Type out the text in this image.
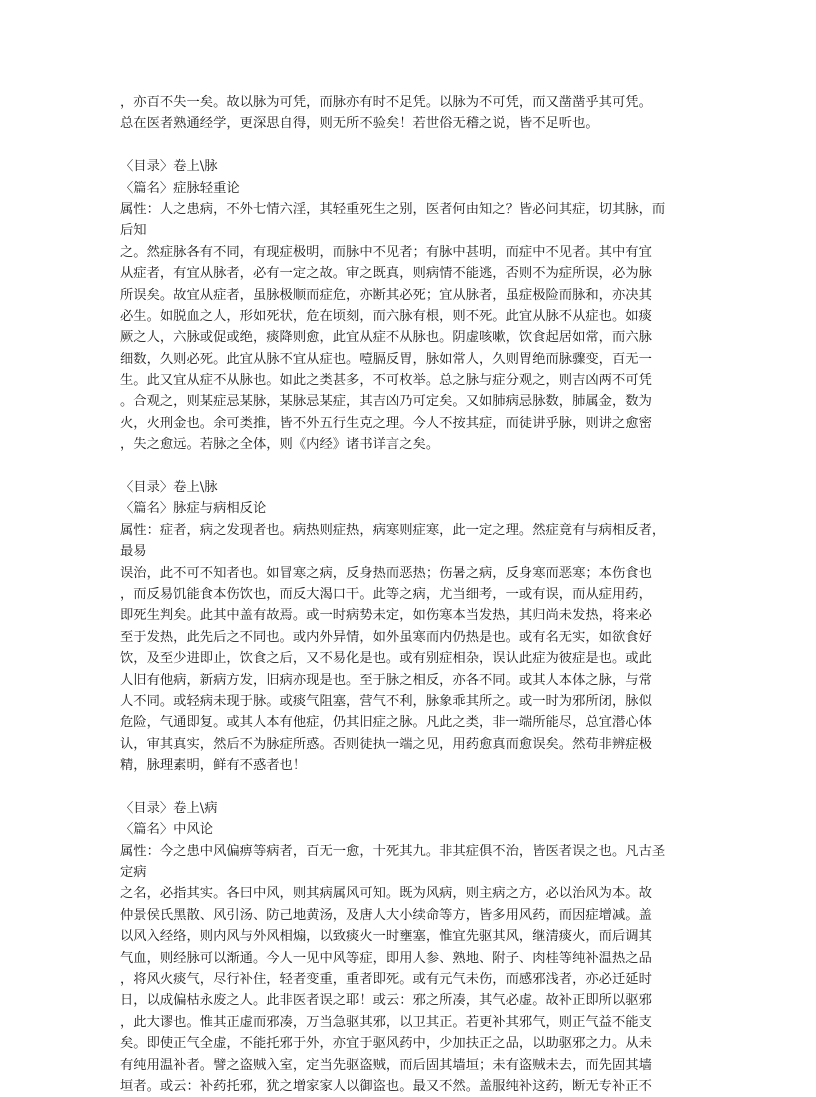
，亦百不失一矣。故以脉为可凭，而脉亦有时不足凭。以脉为不可凭，而又凿凿乎其可凭。
总在医者熟通经学，更深思自得，则无所不验矣！若世俗无稽之说，皆不足听也。
〈目录〉卷上\脉
〈篇名〉症脉轻重论
属性：人之患病，不外七情六淫，其轻重死生之别，医者何由知之？皆必问其症，切其脉，而
后知
之。然症脉各有不同，有现症极明，而脉中不见者；有脉中甚明，而症中不见者。其中有宜
从症者，有宜从脉者，必有一定之故。审之既真，则病情不能逃，否则不为症所误，必为脉
所误矣。故宜从症者，虽脉极顺而症危，亦断其必死；宜从脉者，虽症极险而脉和，亦决其
必生。如脱血之人，形如死状，危在顷刻，而六脉有根，则不死。此宜从脉不从症也。如痰
厥之人，六脉或促或绝，痰降则愈，此宜从症不从脉也。阴虚咳嗽，饮食起居如常，而六脉
细数，久则必死。此宜从脉不宜从症也。噎膈反胃，脉如常人，久则胃绝而脉骤变，百无一
生。此又宜从症不从脉也。如此之类甚多，不可枚举。总之脉与症分观之，则吉凶两不可凭
。合观之，则某症忌某脉，某脉忌某症，其吉凶乃可定矣。又如肺病忌脉数，肺属金，数为
火，火刑金也。余可类推，皆不外五行生克之理。今人不按其症，而徒讲乎脉，则讲之愈密
，失之愈远。若脉之全体，则《内经》诸书详言之矣。
〈目录〉卷上\脉
〈篇名〉脉症与病相反论
属性：症者，病之发现者也。病热则症热，病寒则症寒，此一定之理。然症竟有与病相反者，
最易
误治，此不可不知者也。如冒寒之病，反身热而恶热；伤暑之病，反身寒而恶寒；本伤食也
，而反易饥能食本伤饮也，而反大渴口干。此等之病，尤当细考，一或有误，而从症用药，
即死生判矣。此其中盖有故焉。或一时病势未定，如伤寒本当发热，其归尚未发热，将来必
至于发热，此先后之不同也。或内外异情，如外虽寒而内仍热是也。或有名无实，如欲食好
饮，及至少进即止，饮食之后，又不易化是也。或有别症相杂，误认此症为彼症是也。或此
人旧有他病，新病方发，旧病亦现是也。至于脉之相反，亦各不同。或其人本体之脉，与常
人不同。或轻病未现于脉。或痰气阻塞，营气不利，脉象乖其所之。或一时为邪所闭，脉似
危险，气通即复。或其人本有他症，仍其旧症之脉。凡此之类，非一端所能尽，总宜潜心体
认，审其真实，然后不为脉症所惑。否则徒执一端之见，用药愈真而愈误矣。然苟非辨症极
精，脉理素明，鲜有不惑者也！
〈目录〉卷上\病
〈篇名〉中风论
属性：今之患中风偏痹等病者，百无一愈，十死其九。非其症俱不治，皆医者误之也。凡古圣
定病
之名，必指其实。各曰中风，则其病属风可知。既为风病，则主病之方，必以治风为本。故
仲景侯氏黑散、风引汤、防己地黄汤，及唐人大小续命等方，皆多用风药，而因症增减。盖
以风入经络，则内风与外风相煽，以致痰火一时壅塞，惟宜先驱其风，继清痰火，而后调其
气血，则经脉可以渐通。今人一见中风等症，即用人参、熟地、附子、肉桂等纯补温热之品
，将风火痰气，尽行补住，轻者变重，重者即死。或有元气未伤，而感邪浅者，亦必迁延时
日，以成偏枯永废之人。此非医者误之耶！或云：邪之所凑，其气必虚。故补正即所以驱邪
，此大谬也。惟其正虚而邪凑，万当急驱其邪，以卫其正。若更补其邪气，则正气益不能支
矣。即使正气全虚，不能托邪于外，亦宜于驱风药中，少加扶正之品，以助驱邪之力。从未
有纯用温补者。譬之盗贼入室，定当先驱盗贼，而后固其墙垣；未有盗贼未去，而先固其墙
垣者。或云：补药托邪，犹之增家家人以御盗也。最又不然。盖服纯补这药，断无专补正不
